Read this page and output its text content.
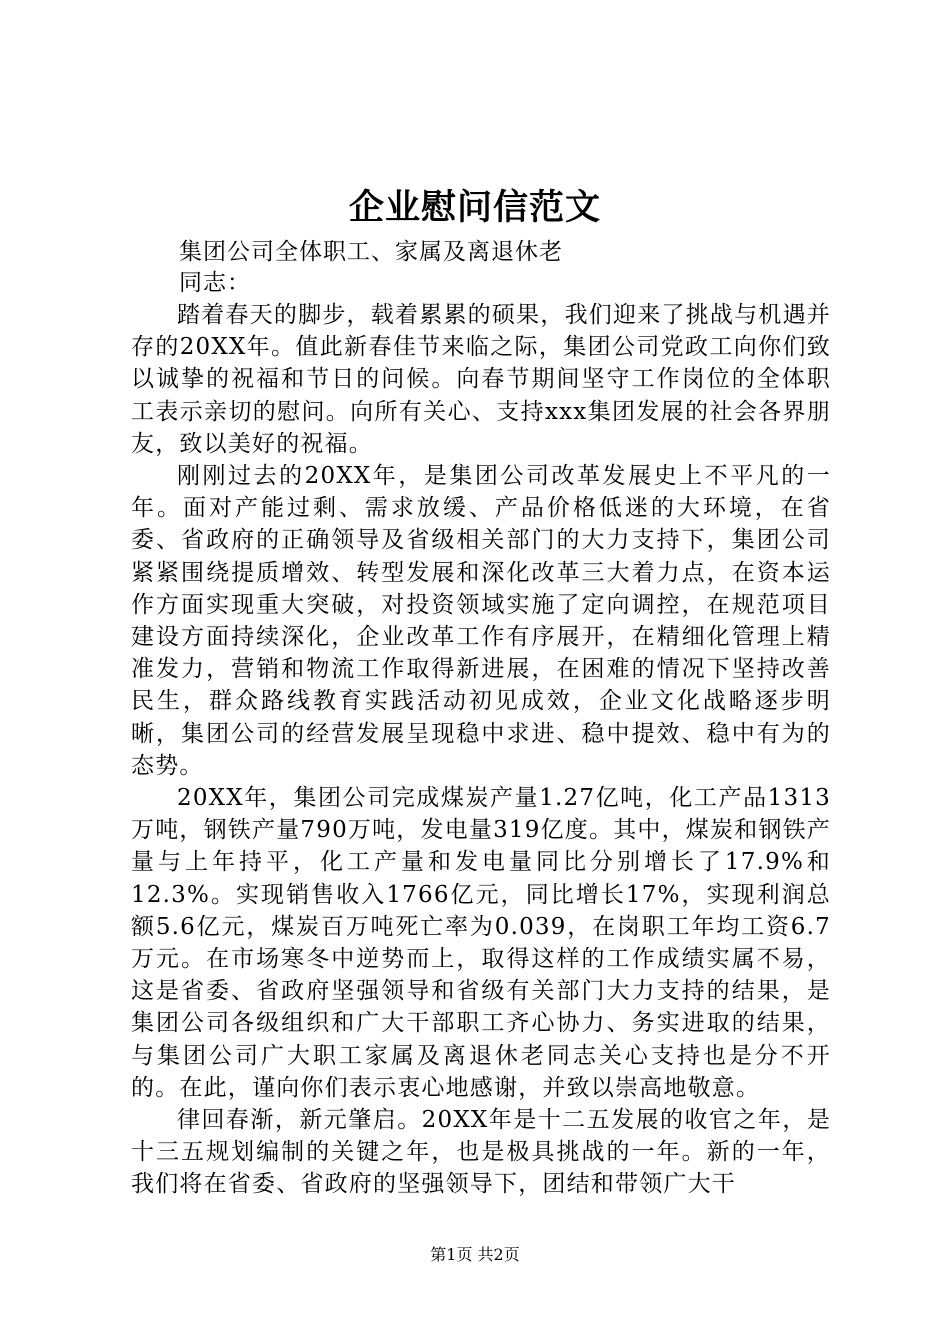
企业慰问信范文
集团公司全体职工、家属及离退休老
同志：

踏着春天的脚步，载着累累的硕果，我们迎来了挑战与机遇并存的20XX年。值此新春佳节来临之际，集团公司党政工向你们致以诚挚的祝福和节日的问候。向春节期间坚守工作岗位的全体职工表示亲切的慰问。向所有关心、支持xxx集团发展的社会各界朋友，致以美好的祝福。

刚刚过去的20XX年，是集团公司改革发展史上不平凡的一年。面对产能过剩、需求放缓、产品价格低迷的大环境，在省委、省政府的正确领导及省级相关部门的大力支持下，集团公司紧紧围绕提质增效、转型发展和深化改革三大着力点，在资本运作方面实现重大突破，对投资领域实施了定向调控，在规范项目建设方面持续深化，企业改革工作有序展开，在精细化管理上精准发力，营销和物流工作取得新进展，在困难的情况下坚持改善民生，群众路线教育实践活动初见成效，企业文化战略逐步明晰，集团公司的经营发展呈现稳中求进、稳中提效、稳中有为的态势。

20XX年，集团公司完成煤炭产量1.27亿吨，化工产品1313万吨，钢铁产量790万吨，发电量319亿度。其中，煤炭和钢铁产量与上年持平，化工产量和发电量同比分别增长了17.9%和12.3%。实现销售收入1766亿元，同比增长17%，实现利润总额5.6亿元，煤炭百万吨死亡率为0.039，在岗职工年均工资6.7万元。在市场寒冬中逆势而上，取得这样的工作成绩实属不易，这是省委、省政府坚强领导和省级有关部门大力支持的结果，是集团公司各级组织和广大干部职工齐心协力、务实进取的结果，与集团公司广大职工家属及离退休老同志关心支持也是分不开的。在此，谨向你们表示衷心地感谢，并致以崇高地敬意。

律回春渐，新元肇启。20XX年是十二五发展的收官之年，是十三五规划编制的关键之年，也是极具挑战的一年。新的一年，我们将在省委、省政府的坚强领导下，团结和带领广大干

第1页 共2页
